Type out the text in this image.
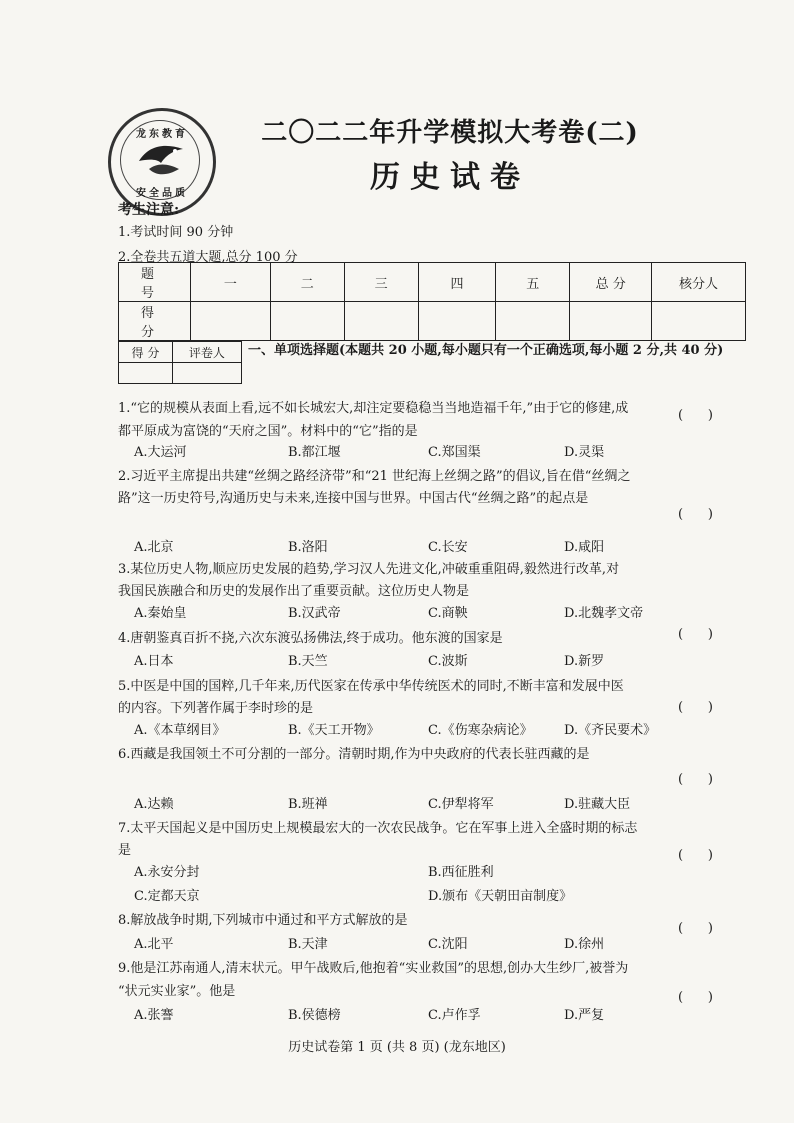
龙东教育
安全品质
二〇二二年升学模拟大考卷(二)
历史试卷
考生注意:
1.考试时间 90 分钟
2.全卷共五道大题,总分 100 分
题 号	一	二	三	四	五	总 分	核分人
得 分							
得 分	评卷人
	一、单项选择题(本题共 20 小题,每小题只有一个正确选项,每小题 2 分,共 40 分)
1.“它的规模从表面上看,远不如长城宏大,却注定要稳稳当当地造福千年,”由于它的修建,成
都平原成为富饶的“天府之国”。材料中的“它”指的是
(      )
A.大运河	B.都江堰	C.郑国渠	D.灵渠
2.习近平主席提出共建“丝绸之路经济带”和“21 世纪海上丝绸之路”的倡议,旨在借“丝绸之
路”这一历史符号,沟通历史与未来,连接中国与世界。中国古代“丝绸之路”的起点是
(      )
A.北京	B.洛阳	C.长安	D.咸阳
3.某位历史人物,顺应历史发展的趋势,学习汉人先进文化,冲破重重阻碍,毅然进行改革,对
我国民族融合和历史的发展作出了重要贡献。这位历史人物是
A.秦始皇	B.汉武帝	C.商鞅	D.北魏孝文帝
4.唐朝鉴真百折不挠,六次东渡弘扬佛法,终于成功。他东渡的国家是	(      )
A.日本	B.天竺	C.波斯	D.新罗
5.中医是中国的国粹,几千年来,历代医家在传承中华传统医术的同时,不断丰富和发展中医
的内容。下列著作属于李时珍的是	(      )
A.《本草纲目》	B.《天工开物》	C.《伤寒杂病论》 D.《齐民要术》
6.西藏是我国领土不可分割的一部分。清朝时期,作为中央政府的代表长驻西藏的是
(      )
A.达赖	B.班禅	C.伊犁将军	D.驻藏大臣
7.太平天国起义是中国历史上规模最宏大的一次农民战争。它在军事上进入全盛时期的标志
是	(      )
A.永安分封	B.西征胜利
C.定都天京	D.颁布《天朝田亩制度》
8.解放战争时期,下列城市中通过和平方式解放的是
(      )
A.北平	B.天津	C.沈阳	D.徐州
9.他是江苏南通人,清末状元。甲午战败后,他抱着“实业救国”的思想,创办大生纱厂,被誉为
“状元实业家”。他是	(      )
A.张謇	B.侯德榜	C.卢作孚	D.严复
历史试卷第 1 页 (共 8 页) (龙东地区)
